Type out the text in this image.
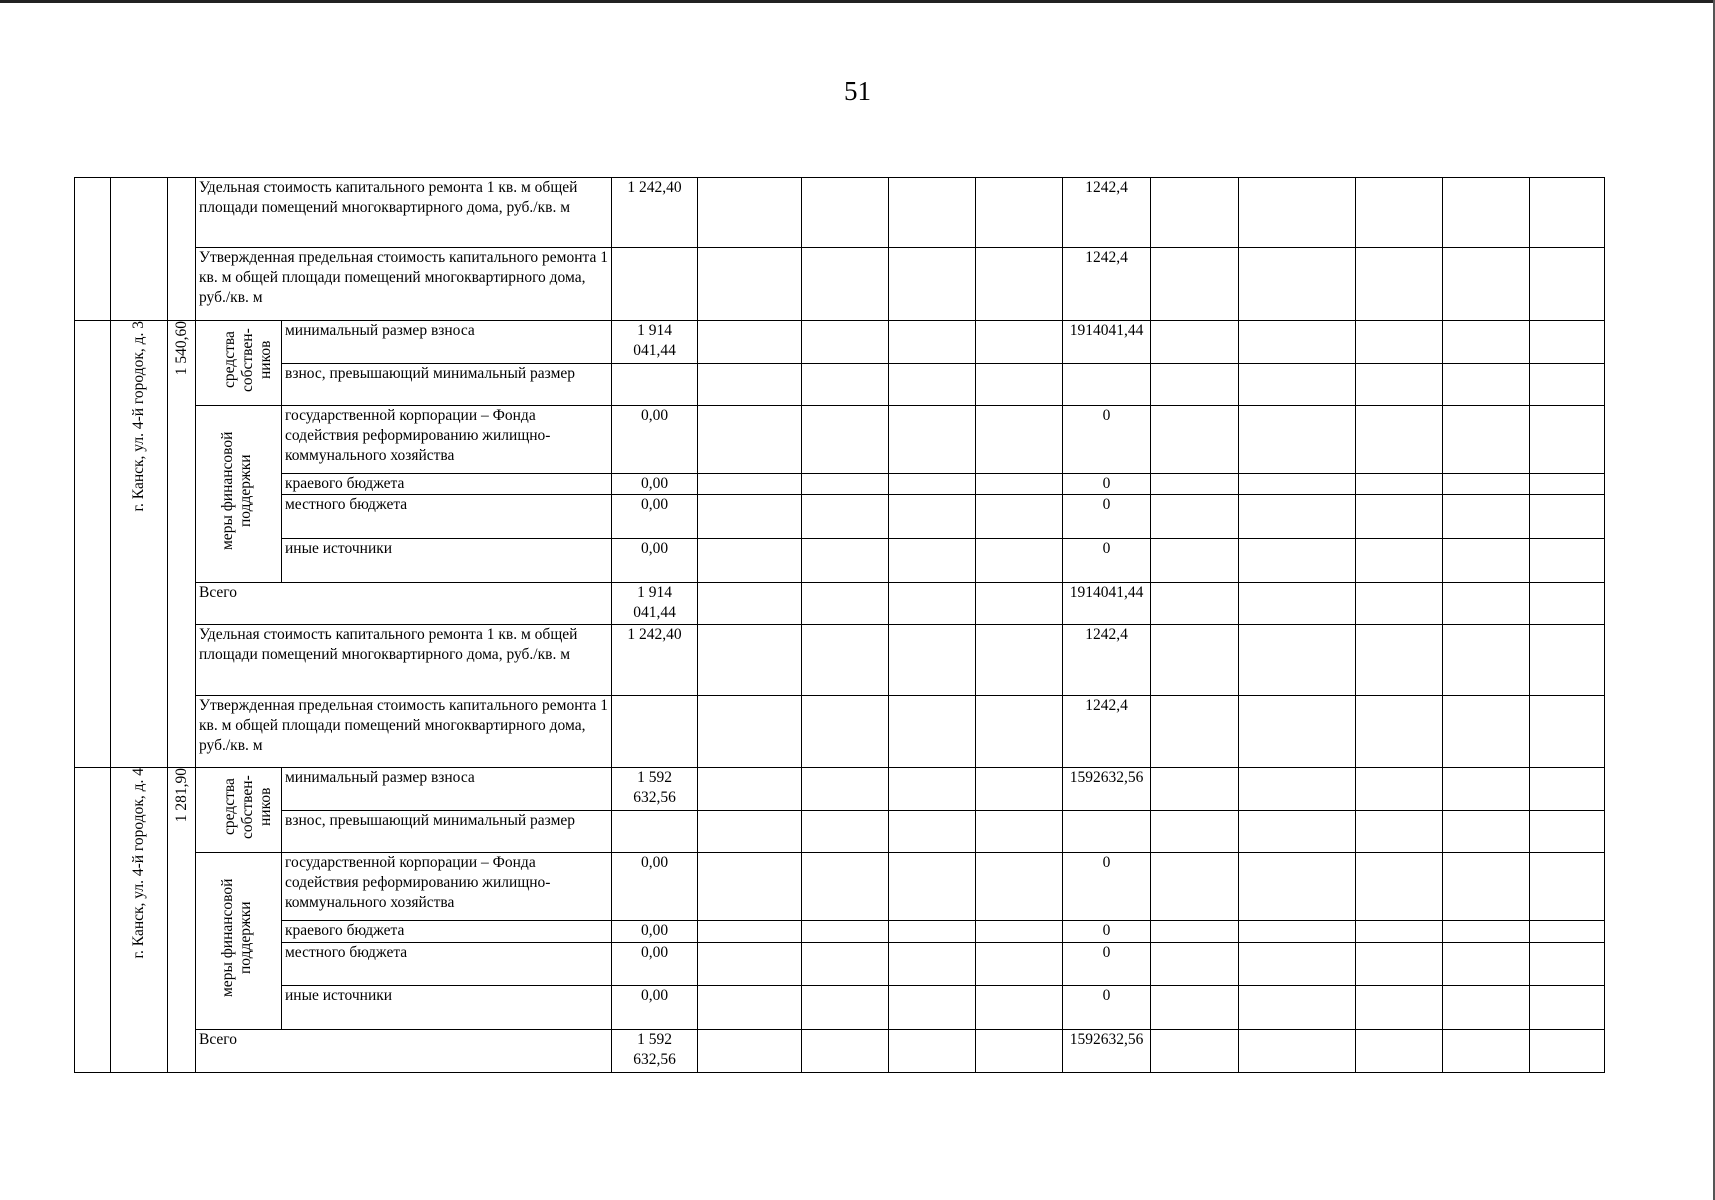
51
			Удельная стоимость капитального ремонта 1 кв. м общей площади помещений многоквартирного дома, руб./кв. м		1 242,40					1242,4					
			Утвержденная предельная стоимость капитального ремонта 1 кв. м общей площади помещений многоквартирного дома, руб./кв. м							1242,4					
	г. Канск, ул. 4-й городок, д. 3	1 540,60	средства собствен-ников	минимальный размер взноса	1 914 041,44					1914041,44					
				взнос, превышающий минимальный размер											
			меры финансовой поддержки	государственной корпорации – Фонда содействия реформированию жилищно-коммунального хозяйства	0,00					0					
				краевого бюджета	0,00					0					
				местного бюджета	0,00					0					
				иные источники	0,00					0					
			Всего		1 914 041,44					1914041,44					
			Удельная стоимость капитального ремонта 1 кв. м общей площади помещений многоквартирного дома, руб./кв. м		1 242,40					1242,4					
			Утвержденная предельная стоимость капитального ремонта 1 кв. м общей площади помещений многоквартирного дома, руб./кв. м							1242,4					

	г. Канск, ул. 4-й городок, д. 4	1 281,90	средства собствен-ников	минимальный размер взноса	1 592 632,56					1592632,56					
				взнос, превышающий минимальный размер											
			меры финансовой поддержки	государственной корпорации – Фонда содействия реформированию жилищно-коммунального хозяйства	0,00					0					
				краевого бюджета	0,00					0					
				местного бюджета	0,00					0					
				иные источники	0,00					0					
			Всего		1 592 632,56					1592632,56					
